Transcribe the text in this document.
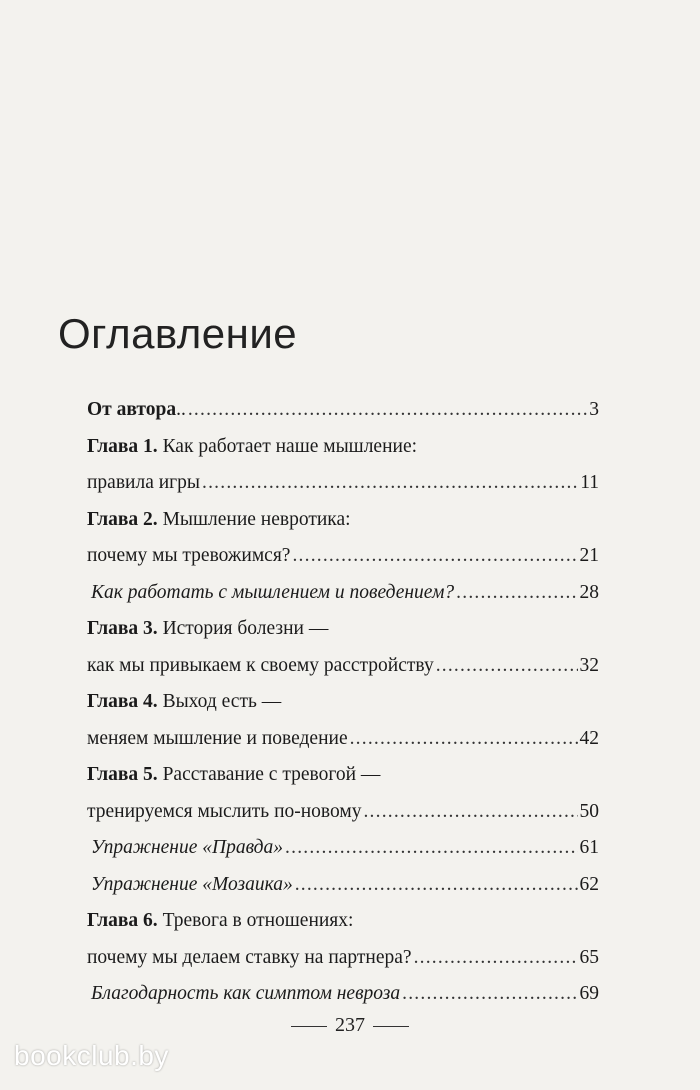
Оглавление
От автора.. .....	3
Глава 1. Как работает наше мышление:
правила игры .....	11
Глава 2. Мышление невротика:
почему мы тревожимся? .....	21
Как работать с мышлением и поведением? .....	28
Глава 3. История болезни —
как мы привыкаем к своему расстройству .....	32
Глава 4. Выход есть —
меняем мышление и поведение .....	42
Глава 5. Расставание с тревогой —
тренируемся мыслить по-новому .....	50
Упражнение «Правда» .....	61
Упражнение «Мозаика» .....	62
Глава 6. Тревога в отношениях:
почему мы делаем ставку на партнера? .....	65
Благодарность как симптом невроза .....	69
237
bookclub.by
